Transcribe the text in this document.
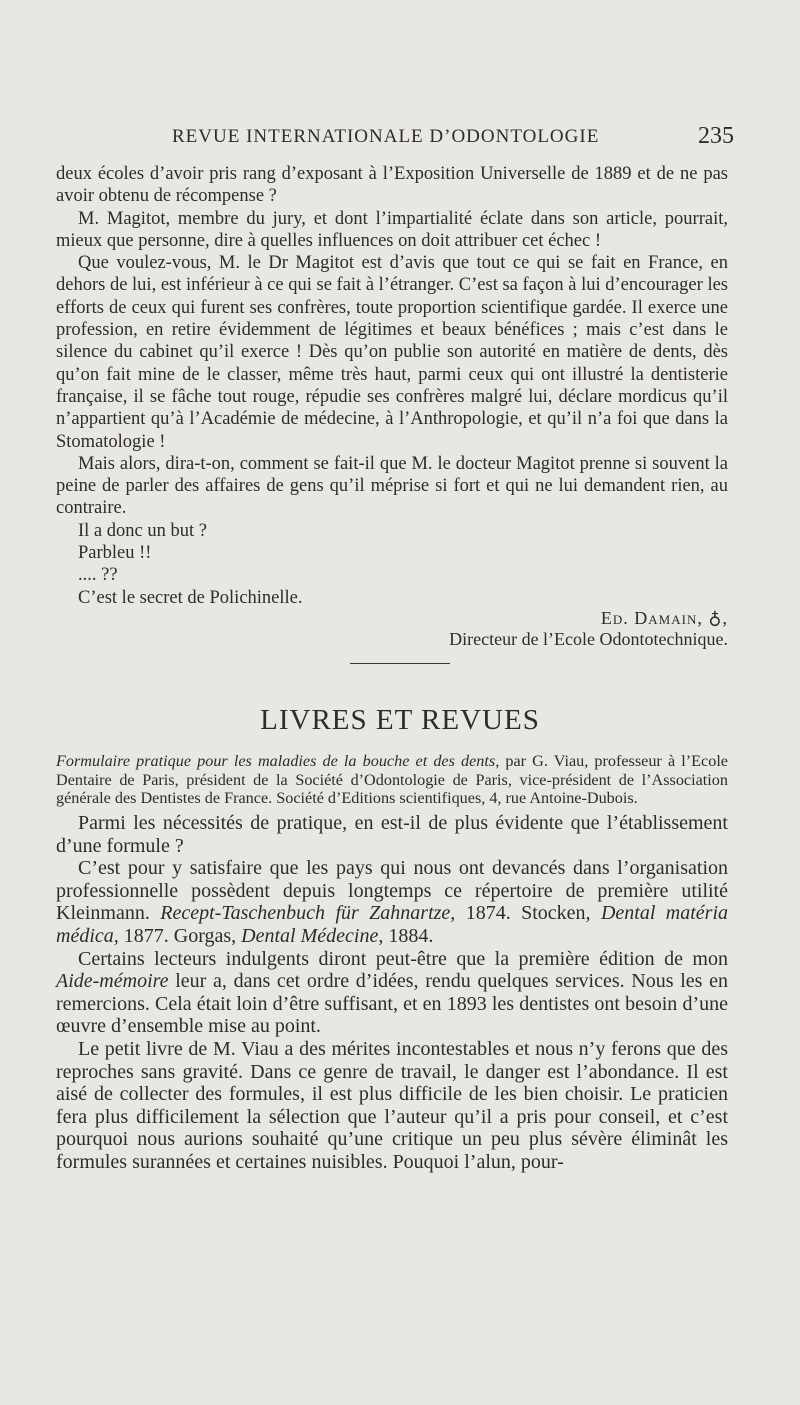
REVUE INTERNATIONALE D’ODONTOLOGIE	235

deux écoles d’avoir pris rang d’exposant à l’Exposition Universelle de 1889 et de ne pas avoir obtenu de récompense ?

M. Magitot, membre du jury, et dont l’impartialité éclate dans son article, pourrait, mieux que personne, dire à quelles influences on doit attribuer cet échec !

Que voulez-vous, M. le Dr Magitot est d’avis que tout ce qui se fait en France, en dehors de lui, est inférieur à ce qui se fait à l’étranger. C’est sa façon à lui d’encourager les efforts de ceux qui furent ses confrères, toute proportion scientifique gardée. Il exerce une profession, en retire évidemment de légitimes et beaux bénéfices ; mais c’est dans le silence du cabinet qu’il exerce ! Dès qu’on publie son autorité en matière de dents, dès qu’on fait mine de le classer, même très haut, parmi ceux qui ont illustré la dentisterie française, il se fâche tout rouge, répudie ses confrères malgré lui, déclare mordicus qu’il n’appartient qu’à l’Académie de médecine, à l’Anthropologie, et qu’il n’a foi que dans la Stomatologie !

Mais alors, dira-t-on, comment se fait-il que M. le docteur Magitot prenne si souvent la peine de parler des affaires de gens qu’il méprise si fort et qui ne lui demandent rien, au contraire.

Il a donc un but ?

Parbleu !!

.... ??

C’est le secret de Polichinelle.

Ed. Damain, ♁,
Directeur de l’Ecole Odontotechnique.
LIVRES ET REVUES
Formulaire pratique pour les maladies de la bouche et des dents, par G. Viau, professeur à l’Ecole Dentaire de Paris, président de la Société d’Odontologie de Paris, vice-président de l’Association générale des Dentistes de France. Société d’Editions scientifiques, 4, rue Antoine-Dubois.

Parmi les nécessités de pratique, en est-il de plus évidente que l’établissement d’une formule ?

C’est pour y satisfaire que les pays qui nous ont devancés dans l’organisation professionnelle possèdent depuis longtemps ce répertoire de première utilité Kleinmann. Recept-Taschenbuch für Zahnartze, 1874. Stocken, Dental matéria médica, 1877. Gorgas, Dental Médecine, 1884.

Certains lecteurs indulgents diront peut-être que la première édition de mon Aide-mémoire leur a, dans cet ordre d’idées, rendu quelques services. Nous les en remercions. Cela était loin d’être suffisant, et en 1893 les dentistes ont besoin d’une œuvre d’ensemble mise au point.

Le petit livre de M. Viau a des mérites incontestables et nous n’y ferons que des reproches sans gravité. Dans ce genre de travail, le danger est l’abondance. Il est aisé de collecter des formules, il est plus difficile de les bien choisir. Le praticien fera plus difficilement la sélection que l’auteur qu’il a pris pour conseil, et c’est pourquoi nous aurions souhaité qu’une critique un peu plus sévère éliminât les formules surannées et certaines nuisibles. Pouquoi l’alun, pour-
